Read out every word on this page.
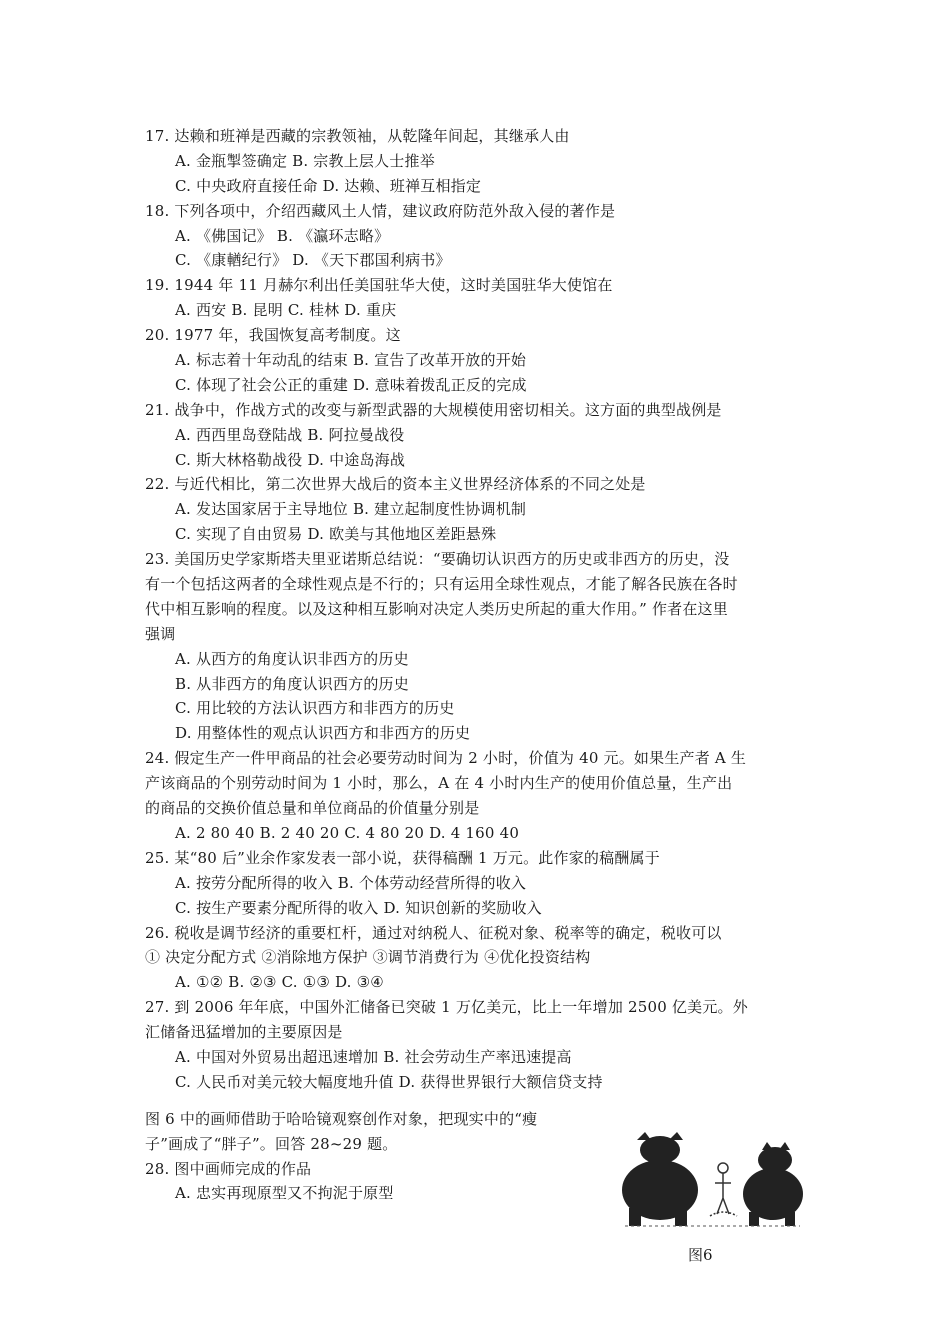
17. 达赖和班禅是西藏的宗教领袖，从乾隆年间起，其继承人由
A. 金瓶掣签确定 B. 宗教上层人士推举
C. 中央政府直接任命 D. 达赖、班禅互相指定
18. 下列各项中，介绍西藏风土人情，建议政府防范外敌入侵的著作是
A. 《佛国记》 B. 《瀛环志略》
C. 《康輶纪行》 D. 《天下郡国利病书》
19. 1944 年 11 月赫尔利出任美国驻华大使，这时美国驻华大使馆在
A. 西安 B. 昆明 C. 桂林 D. 重庆
20. 1977 年，我国恢复高考制度。这
A. 标志着十年动乱的结束 B. 宣告了改革开放的开始
C. 体现了社会公正的重建 D. 意味着拨乱正反的完成
21. 战争中，作战方式的改变与新型武器的大规模使用密切相关。这方面的典型战例是
A. 西西里岛登陆战 B. 阿拉曼战役
C. 斯大林格勒战役 D. 中途岛海战
22. 与近代相比，第二次世界大战后的资本主义世界经济体系的不同之处是
A. 发达国家居于主导地位 B. 建立起制度性协调机制
C. 实现了自由贸易 D. 欧美与其他地区差距悬殊
23. 美国历史学家斯塔夫里亚诺斯总结说：“要确切认识西方的历史或非西方的历史，没
有一个包括这两者的全球性观点是不行的；只有运用全球性观点，才能了解各民族在各时
代中相互影响的程度。以及这种相互影响对决定人类历史所起的重大作用。” 作者在这里
强调
A. 从西方的角度认识非西方的历史
B. 从非西方的角度认识西方的历史
C. 用比较的方法认识西方和非西方的历史
D. 用整体性的观点认识西方和非西方的历史
24. 假定生产一件甲商品的社会必要劳动时间为 2 小时，价值为 40 元。如果生产者 A 生
产该商品的个别劳动时间为 1 小时，那么，A 在 4 小时内生产的使用价值总量，生产出
的商品的交换价值总量和单位商品的价值量分别是
A. 2 80 40 B. 2 40 20 C. 4 80 20 D. 4 160 40
25. 某“80 后”业余作家发表一部小说，获得稿酬 1 万元。此作家的稿酬属于
A. 按劳分配所得的收入 B. 个体劳动经营所得的收入
C. 按生产要素分配所得的收入 D. 知识创新的奖励收入
26. 税收是调节经济的重要杠杆，通过对纳税人、征税对象、税率等的确定，税收可以
① 决定分配方式 ②消除地方保护 ③调节消费行为 ④优化投资结构
A. ①② B. ②③ C. ①③ D. ③④
27. 到 2006 年年底，中国外汇储备已突破 1 万亿美元，比上一年增加 2500 亿美元。外
汇储备迅猛增加的主要原因是
A. 中国对外贸易出超迅速增加 B. 社会劳动生产率迅速提高
C. 人民币对美元较大幅度地升值 D. 获得世界银行大额信贷支持
图 6 中的画师借助于哈哈镜观察创作对象，把现实中的“瘦
子”画成了“胖子”。回答 28~29 题。
28. 图中画师完成的作品
A. 忠实再现原型又不拘泥于原型
图6
